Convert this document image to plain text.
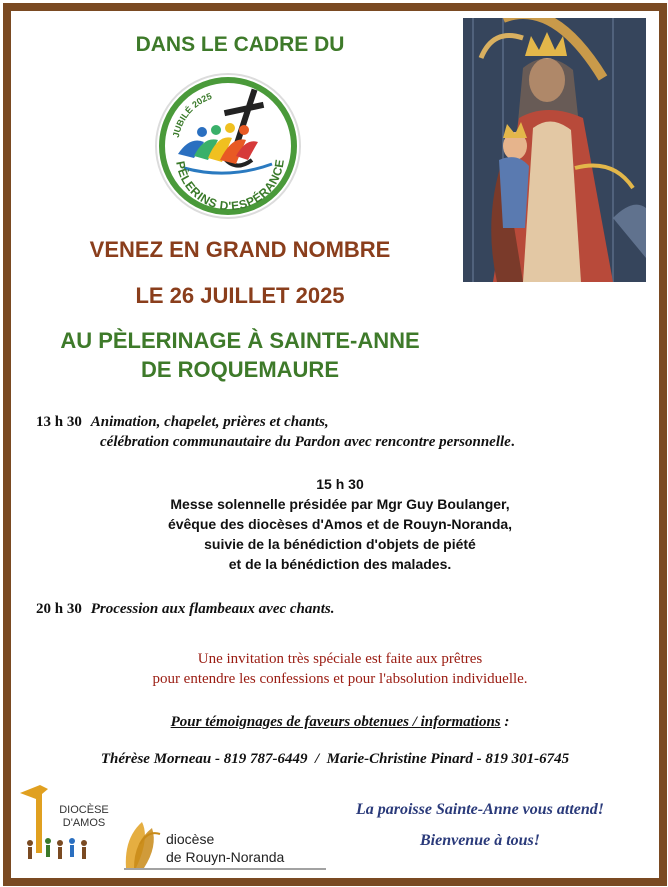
DANS LE CADRE DU
JUBILÉ 2025
PÈLERINS D'ESPÉRANCE
VENEZ EN GRAND NOMBRE
LE 26 JUILLET 2025
AU PÈLERINAGE À SAINTE-ANNE
DE ROQUEMAURE
13 h 30 Animation, chapelet, prières et chants,
célébration communautaire du Pardon avec rencontre personnelle.
15 h 30
Messe solennelle présidée par Mgr Guy Boulanger,
évêque des diocèses d'Amos et de Rouyn-Noranda,
suivie de la bénédiction d'objets de piété
et de la bénédiction des malades.
20 h 30 Procession aux flambeaux avec chants.
Une invitation très spéciale est faite aux prêtres
pour entendre les confessions et pour l'absolution individuelle.
Pour témoignages de faveurs obtenues / informations :
Thérèse Morneau - 819 787-6449  /  Marie-Christine Pinard - 819 301-6745
La paroisse Sainte-Anne vous attend!
Bienvenue à tous!
DIOCÈSE
D'AMOS
diocèse
de Rouyn-Noranda
